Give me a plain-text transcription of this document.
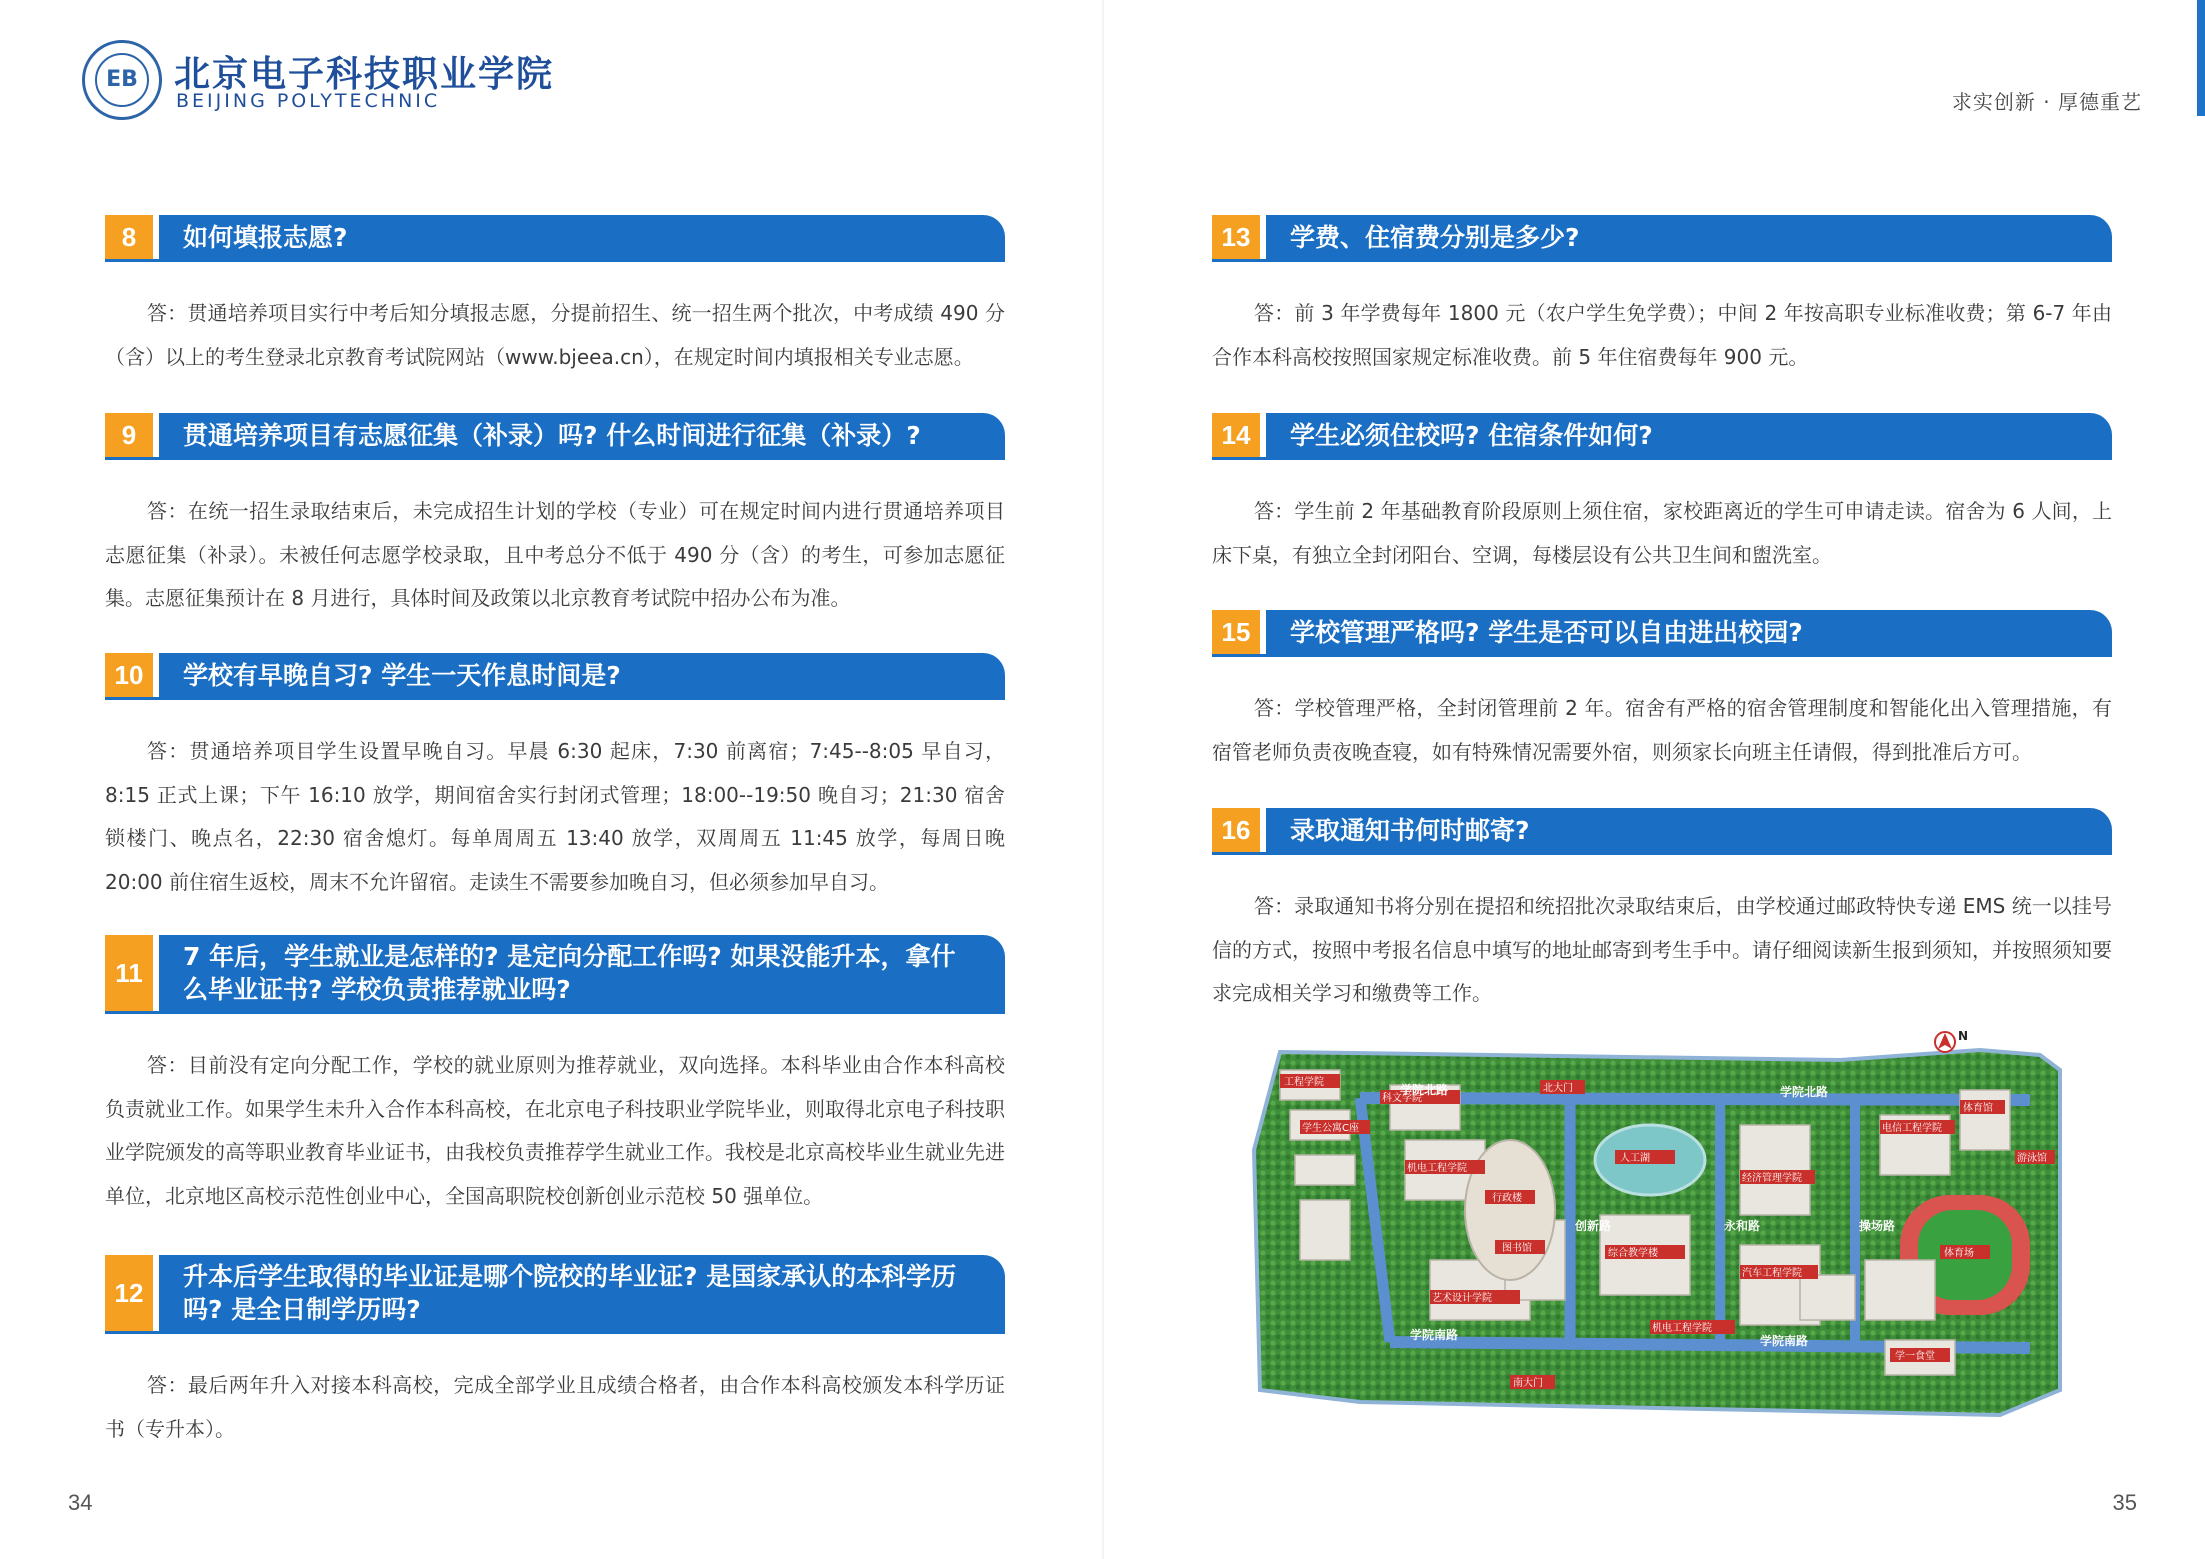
EB 北京电子科技职业学院
BEIJING POLYTECHNIC	求实创新 · 厚德重艺
8	如何填报志愿?

答：贯通培养项目实行中考后知分填报志愿，分提前招生、统一招生两个批次，中考成绩 490 分（含）以上的考生登录北京教育考试院网站（www.bjeea.cn），在规定时间内填报相关专业志愿。

9	贯通培养项目有志愿征集（补录）吗? 什么时间进行征集（补录）?

答：在统一招生录取结束后，未完成招生计划的学校（专业）可在规定时间内进行贯通培养项目志愿征集（补录）。未被任何志愿学校录取，且中考总分不低于 490 分（含）的考生，可参加志愿征集。志愿征集预计在 8 月进行，具体时间及政策以北京教育考试院中招办公布为准。

10	学校有早晚自习? 学生一天作息时间是?

答：贯通培养项目学生设置早晚自习。早晨 6:30 起床，7:30 前离宿；7:45--8:05 早自习，8:15 正式上课；下午 16:10 放学，期间宿舍实行封闭式管理；18:00--19:50 晚自习；21:30 宿舍锁楼门、晚点名，22:30 宿舍熄灯。每单周周五 13:40 放学，双周周五 11:45 放学，每周日晚 20:00 前住宿生返校，周末不允许留宿。走读生不需要参加晚自习，但必须参加早自习。

11
7 年后，学生就业是怎样的? 是定向分配工作吗? 如果没能升本，拿什么毕业证书? 学校负责推荐就业吗?

答：目前没有定向分配工作，学校的就业原则为推荐就业，双向选择。本科毕业由合作本科高校负责就业工作。如果学生未升入合作本科高校，在北京电子科技职业学院毕业，则取得北京电子科技职业学院颁发的高等职业教育毕业证书，由我校负责推荐学生就业工作。我校是北京高校毕业生就业先进单位，北京地区高校示范性创业中心，全国高职院校创新创业示范校 50 强单位。

12
升本后学生取得的毕业证是哪个院校的毕业证? 是国家承认的本科学历吗? 是全日制学历吗?

答：最后两年升入对接本科高校，完成全部学业且成绩合格者，由合作本科高校颁发本科学历证书（专升本）。

13	学费、住宿费分别是多少?

答：前 3 年学费每年 1800 元（农户学生免学费）；中间 2 年按高职专业标准收费；第 6-7 年由合作本科高校按照国家规定标准收费。前 5 年住宿费每年 900 元。

14	学生必须住校吗? 住宿条件如何?

答：学生前 2 年基础教育阶段原则上须住宿，家校距离近的学生可申请走读。宿舍为 6 人间，上床下桌，有独立全封闭阳台、空调，每楼层设有公共卫生间和盥洗室。

15	学校管理严格吗? 学生是否可以自由进出校园?

答：学校管理严格，全封闭管理前 2 年。宿舍有严格的宿舍管理制度和智能化出入管理措施，有宿管老师负责夜晚查寝，如有特殊情况需要外宿，则须家长向班主任请假，得到批准后方可。

16	录取通知书何时邮寄?

答：录取通知书将分别在提招和统招批次录取结束后，由学校通过邮政特快专递 EMS 统一以挂号信的方式，按照中考报名信息中填写的地址邮寄到考生手中。请仔细阅读新生报到须知，并按照须知要求完成相关学习和缴费等工作。

工程学院
学生公寓C座
科文学院
机电工程学院
人工湖
图书馆
行政楼
艺术设计学院
综合教学楼
电信工程学院
经济管理学院
汽车工程学院
机电工程学院
学一食堂
体育馆
体育场
游泳馆
北大门
南大门
学院北路	学院北路
学院南路	学院南路
创新路	永和路	操场路
N
34	35
